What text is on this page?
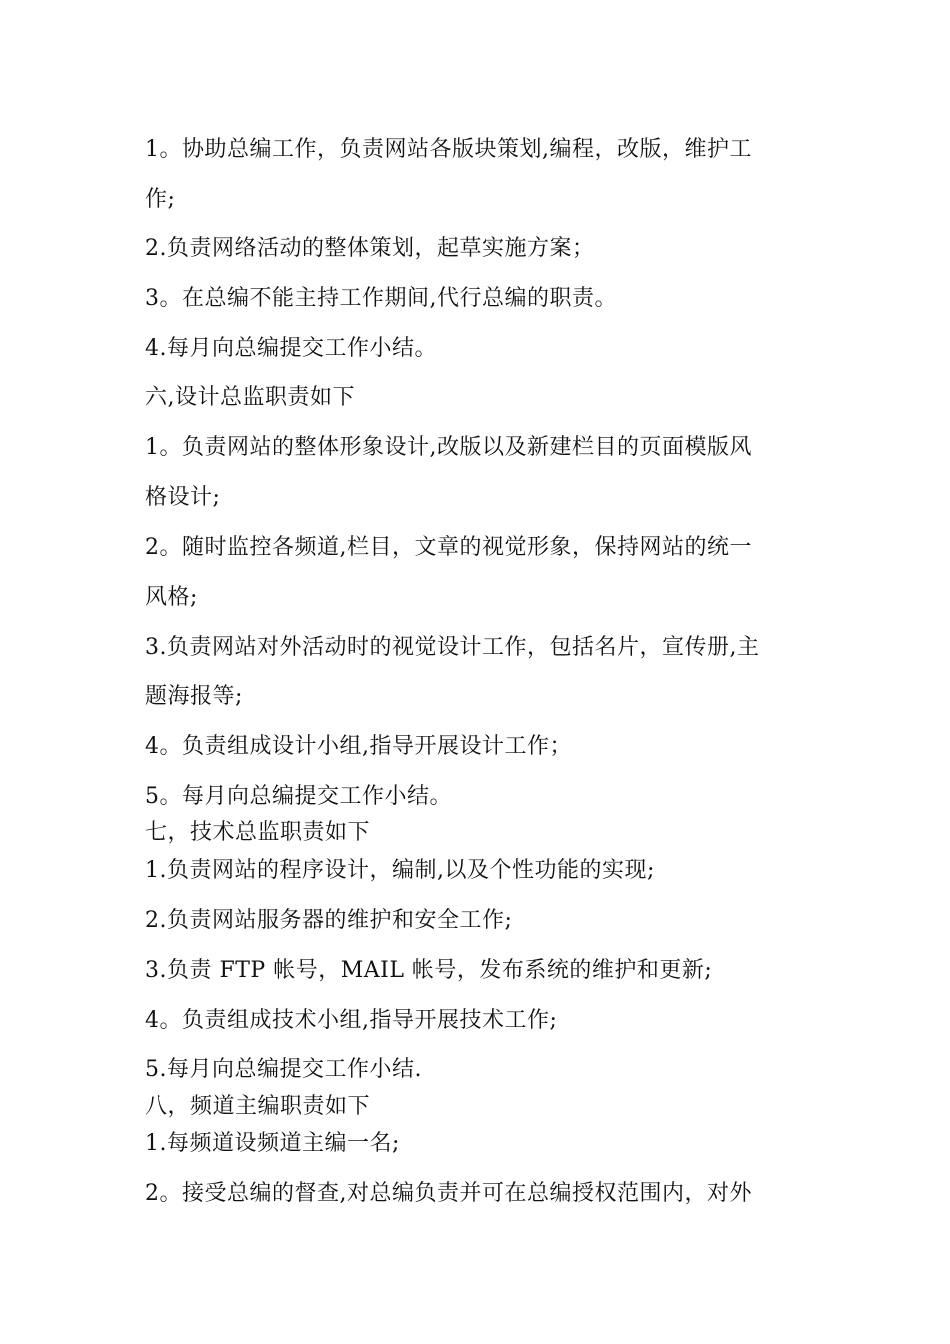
1。协助总编工作，负责网站各版块策划,编程，改版，维护工
作;
2.负责网络活动的整体策划，起草实施方案；
3。在总编不能主持工作期间,代行总编的职责。
4.每月向总编提交工作小结。
六,设计总监职责如下
1。负责网站的整体形象设计,改版以及新建栏目的页面模版风
格设计;
2。随时监控各频道,栏目，文章的视觉形象，保持网站的统一
风格;
3.负责网站对外活动时的视觉设计工作，包括名片，宣传册,主
题海报等;
4。负责组成设计小组,指导开展设计工作；
5。每月向总编提交工作小结。
七，技术总监职责如下
1.负责网站的程序设计，编制,以及个性功能的实现;
2.负责网站服务器的维护和安全工作;
3.负责 FTP 帐号，MAIL 帐号，发布系统的维护和更新;
4。负责组成技术小组,指导开展技术工作;
5.每月向总编提交工作小结.
八，频道主编职责如下
1.每频道设频道主编一名;
2。接受总编的督查,对总编负责并可在总编授权范围内，对外
